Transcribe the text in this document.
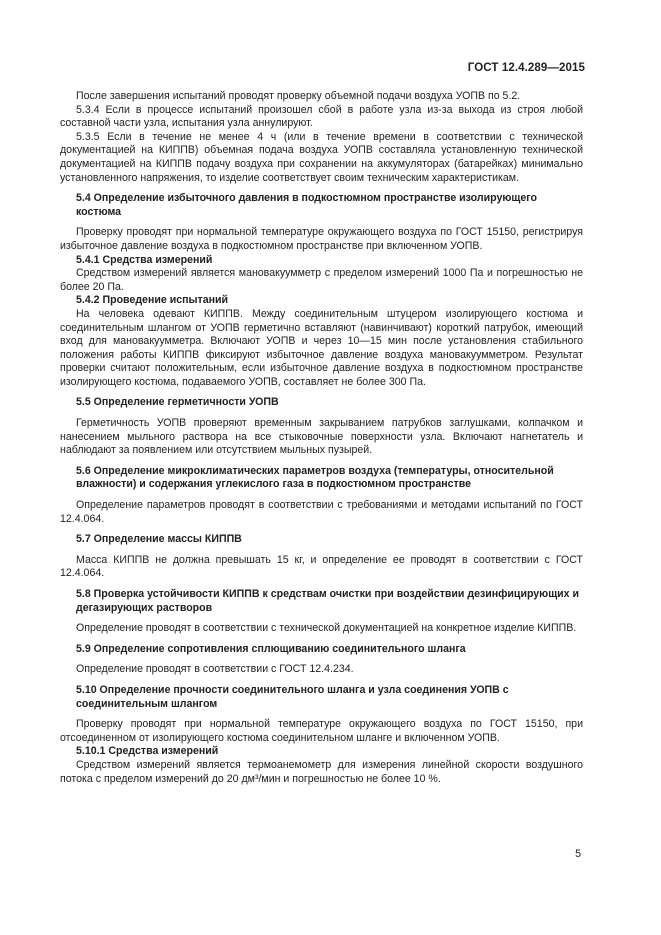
ГОСТ 12.4.289—2015

После завершения испытаний проводят проверку объемной подачи воздуха УОПВ по 5.2.

5.3.4 Если в процессе испытаний произошел сбой в работе узла из-за выхода из строя любой составной части узла, испытания узла аннулируют.

5.3.5 Если в течение не менее 4 ч (или в течение времени в соответствии с технической документацией на КИППВ) объемная подача воздуха УОПВ составляла установленную технической документацией на КИППВ подачу воздуха при сохранении на аккумуляторах (батарейках) минимально установленного напряжения, то изделие соответствует своим техническим характеристикам.

5.4 Определение избыточного давления в подкостюмном пространстве изолирующего костюма

Проверку проводят при нормальной температуре окружающего воздуха по ГОСТ 15150, регистрируя избыточное давление воздуха в подкостюмном пространстве при включенном УОПВ.

5.4.1 Средства измерений

Средством измерений является мановакуумметр с пределом измерений 1000 Па и погрешностью не более 20 Па.

5.4.2 Проведение испытаний

На человека одевают КИППВ. Между соединительным штуцером изолирующего костюма и соединительным шлангом от УОПВ герметично вставляют (навинчивают) короткий патрубок, имеющий вход для мановакуумметра. Включают УОПВ и через 10—15 мин после установления стабильного положения работы КИППВ фиксируют избыточное давление воздуха мановакуумметром. Результат проверки считают положительным, если избыточное давление воздуха в подкостюмном пространстве изолирующего костюма, подаваемого УОПВ, составляет не более 300 Па.

5.5 Определение герметичности УОПВ

Герметичность УОПВ проверяют временным закрыванием патрубков заглушками, колпачком и нанесением мыльного раствора на все стыковочные поверхности узла. Включают нагнетатель и наблюдают за появлением или отсутствием мыльных пузырей.

5.6 Определение микроклиматических параметров воздуха (температуры, относительной влажности) и содержания углекислого газа в подкостюмном пространстве

Определение параметров проводят в соответствии с требованиями и методами испытаний по ГОСТ 12.4.064.

5.7 Определение массы КИППВ

Масса КИППВ не должна превышать 15 кг, и определение ее проводят в соответствии с ГОСТ 12.4.064.

5.8 Проверка устойчивости КИППВ к средствам очистки при воздействии дезинфицирующих и дегазирующих растворов

Определение проводят в соответствии с технической документацией на конкретное изделие КИППВ.

5.9 Определение сопротивления сплющиванию соединительного шланга

Определение проводят в соответствии с ГОСТ 12.4.234.

5.10 Определение прочности соединительного шланга и узла соединения УОПВ с соединительным шлангом

Проверку проводят при нормальной температуре окружающего воздуха по ГОСТ 15150, при отсоединенном от изолирующего костюма соединительном шланге и включенном УОПВ.

5.10.1 Средства измерений

Средством измерений является термоанемометр для измерения линейной скорости воздушного потока с пределом измерений до 20 дм³/мин и погрешностью не более 10 %.

5
